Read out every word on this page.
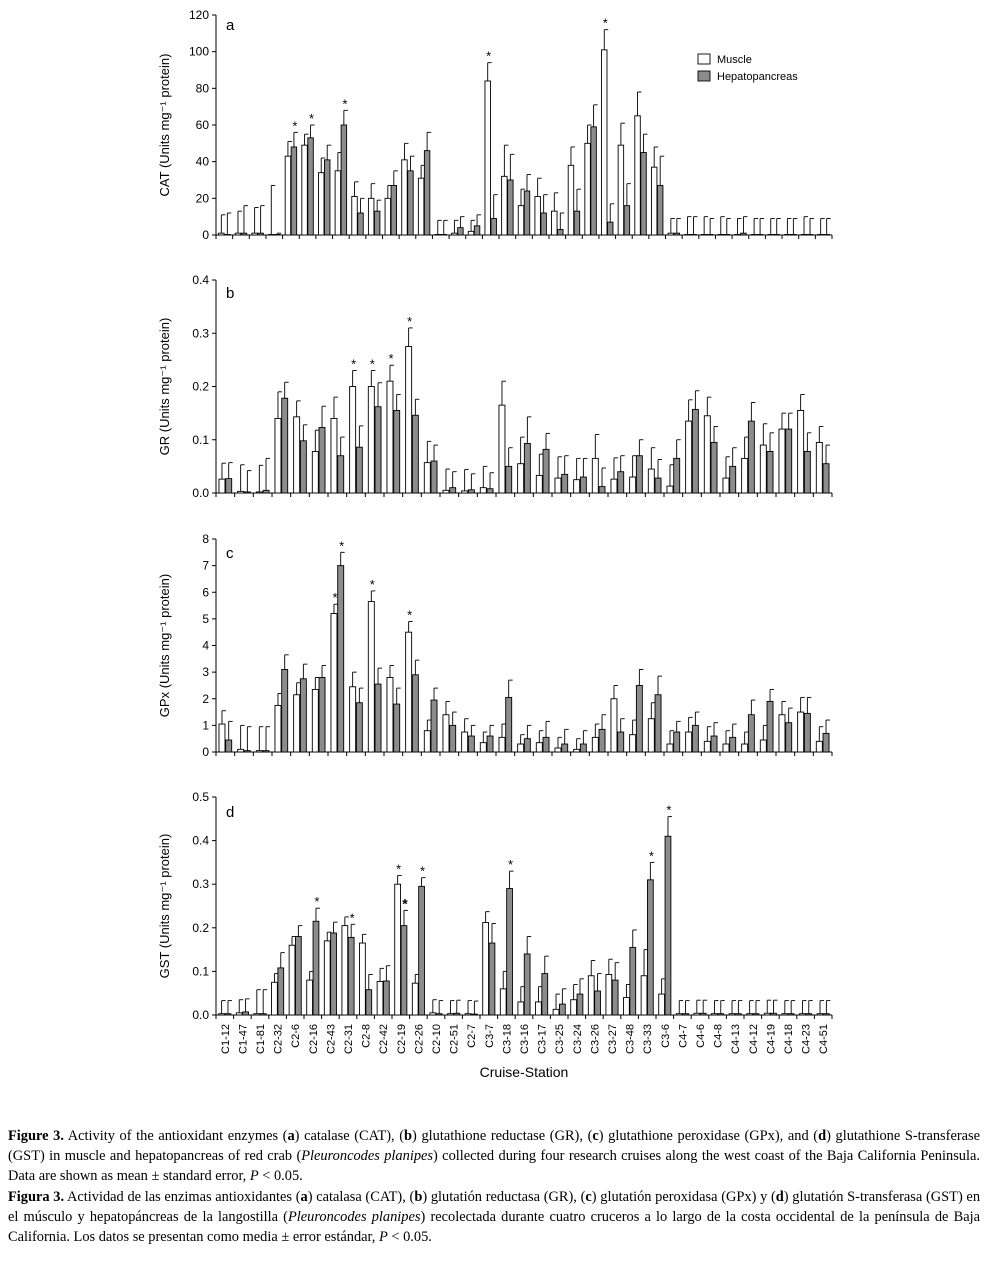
0
20
40
60
80
100
120
a
CAT (Units mg⁻¹ protein)	* *
*
*
*
Muscle
Hepatopancreas
0.0
0.1
0.2
0.3
0.4
b
GR (Units mg⁻¹ protein)	* * *
*
0
1
2
3
4
5
6
7
8
c
GPx (Units mg⁻¹ protein)	*
*
*
*
0.0
0.1
0.2
0.3
0.4
0.5
d
GST (Units mg⁻¹ protein)	*
*
*
*
*	*
*
*
C1-12 C1-47 C1-81 C2-32 C2-6 C2-16 C2-43 C2-31 C2-8 C2-42 C2-19 C2-26 C2-10 C2-51 C2-7 C3-7 C3-18 C3-16 C3-17 C3-25 C3-24 C3-26 C3-27 C3-48 C3-33 C3-6 C4-7 C4-6 C4-8 C4-13 C4-12 C4-19 C4-18 C4-23 C4-51
Cruise-Station

Figure 3. Activity of the antioxidant enzymes (a) catalase (CAT), (b) glutathione reductase (GR), (c) glutathione peroxidase (GPx), and (d) glutathione S-transferase (GST) in muscle and hepatopancreas of red crab (Pleuroncodes planipes) collected during four research cruises along the west coast of the Baja California Peninsula. Data are shown as mean ± standard error, P < 0.05.

Figura 3. Actividad de las enzimas antioxidantes (a) catalasa (CAT), (b) glutatión reductasa (GR), (c) glutatión peroxidasa (GPx) y (d) glutatión S-transferasa (GST) en el músculo y hepatopáncreas de la langostilla (Pleuroncodes planipes) recolectada durante cuatro cruceros a lo largo de la costa occidental de la península de Baja California. Los datos se presentan como media ± error estándar, P < 0.05.
